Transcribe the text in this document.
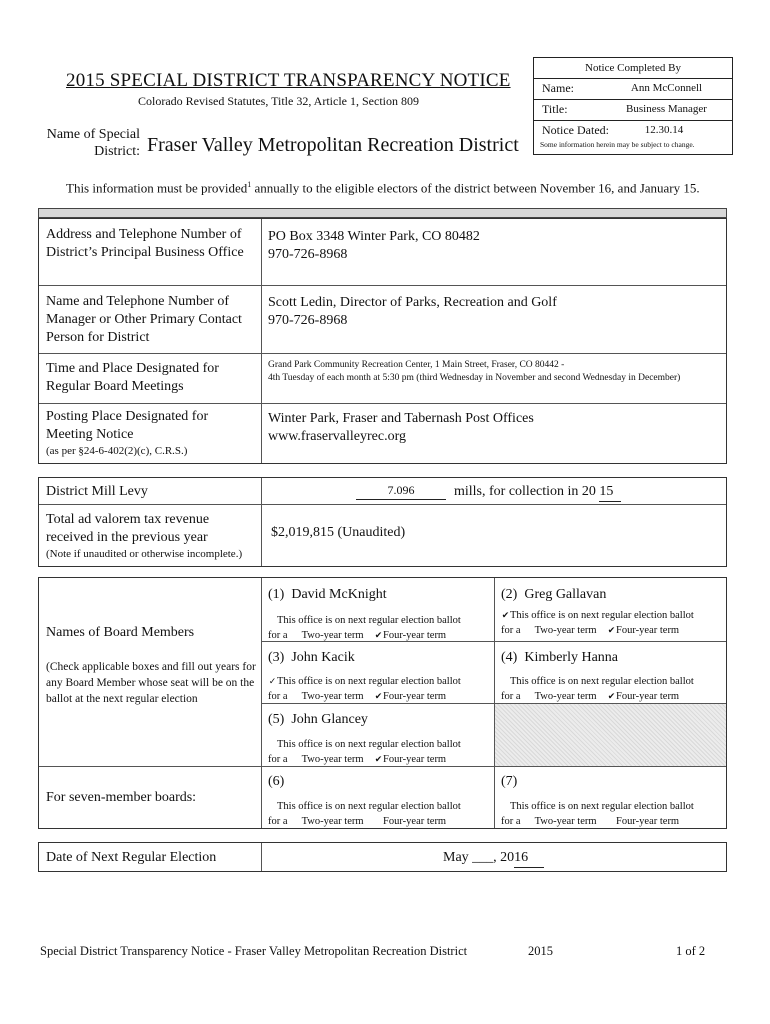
2015 SPECIAL DISTRICT TRANSPARENCY NOTICE
Colorado Revised Statutes, Title 32, Article 1, Section 809
Name of Special
District: Fraser Valley Metropolitan Recreation District
Notice Completed By
Name:	Ann McConnell
Title:	Business Manager
Notice Dated:	12.30.14
Some information herein may be subject to change.
This information must be provided$^1$ annually to the eligible electors of the district between November 16, and January 15.
Address and Telephone Number of District’s Principal Business Office
PO Box 3348 Winter Park, CO 80482
970-726-8968
Name and Telephone Number of Manager or Other Primary Contact Person for District
Scott Ledin, Director of Parks, Recreation and Golf
970-726-8968
Time and Place Designated for Regular Board Meetings
Grand Park Community Recreation Center, 1 Main Street, Fraser, CO 80442 -
4th Tuesday of each month at 5:30 pm (third Wednesday in November and second Wednesday in December)
Posting Place Designated for Meeting Notice
(as per §24-6-402(2)(c), C.R.S.)
Winter Park, Fraser and Tabernash Post Offices
www.fraservalleyrec.org
District Mill Levy	7.096	mills, for collection in 20 15
Total ad valorem tax revenue
received in the previous year
(Note if unaudited or otherwise incomplete.)
$2,019,815 (Unaudited)
Names of Board Members
(Check applicable boxes and fill out years for any Board Member whose seat will be on the ballot at the next regular election
For seven-member boards:
(1) David McKnight
This office is on next regular election ballot
for a Two-year term ✔Four-year term
(2) Greg Gallavan
✔This office is on next regular election ballot
for a Two-year term ✔Four-year term
(3) John Kacik
✓This office is on next regular election ballot
for a Two-year term ✔Four-year term
(4) Kimberly Hanna
This office is on next regular election ballot
for a Two-year term ✔Four-year term
(5) John Glancey
This office is on next regular election ballot
for a Two-year term ✔Four-year term
(6)
This office is on next regular election ballot
for a Two-year term Four-year term
(7)
This office is on next regular election ballot
for a Two-year term Four-year term
Date of Next Regular Election	May ___, 2016
Special District Transparency Notice - Fraser Valley Metropolitan Recreation District	2015	1 of 2
